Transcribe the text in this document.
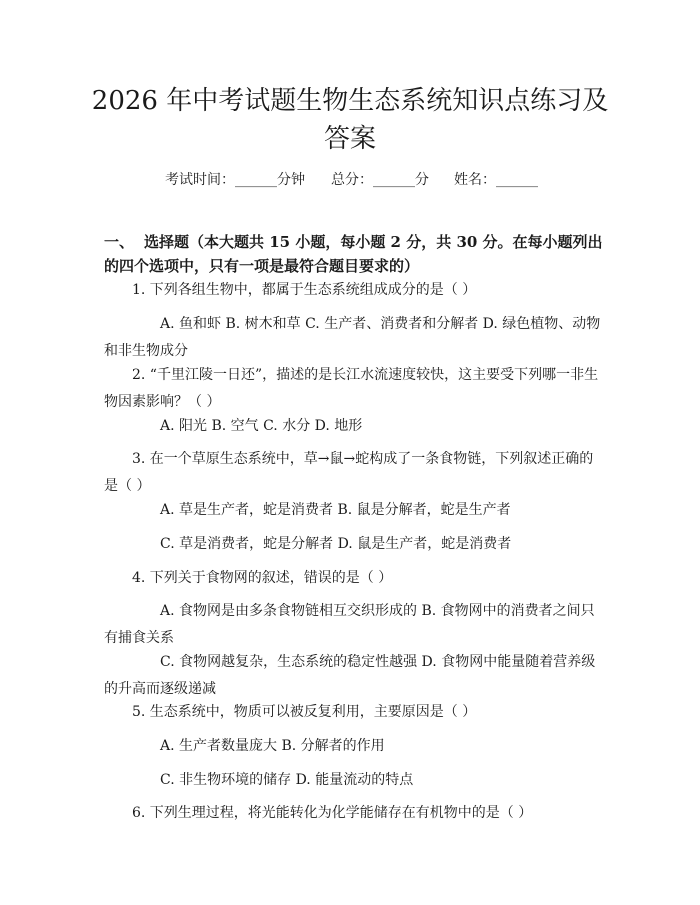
2026 年中考试题生物生态系统知识点练习及
答案
考试时间：______分钟 总分：______分 姓名：______
一、 选择题（本大题共 15 小题，每小题 2 分，共 30 分。在每小题列出的四个选项中，只有一项是最符合题目要求的）
1. 下列各组生物中，都属于生态系统组成成分的是（ ）
A. 鱼和虾 B. 树木和草 C. 生产者、消费者和分解者 D. 绿色植物、动物和非生物成分
2. “千里江陵一日还”，描述的是长江水流速度较快，这主要受下列哪一非生物因素影响？（ ）
A. 阳光 B. 空气 C. 水分 D. 地形
3. 在一个草原生态系统中，草→鼠→蛇构成了一条食物链，下列叙述正确的是（ ）
A. 草是生产者，蛇是消费者 B. 鼠是分解者，蛇是生产者
C. 草是消费者，蛇是分解者 D. 鼠是生产者，蛇是消费者
4. 下列关于食物网的叙述，错误的是（ ）
A. 食物网是由多条食物链相互交织形成的 B. 食物网中的消费者之间只有捕食关系
C. 食物网越复杂，生态系统的稳定性越强 D. 食物网中能量随着营养级的升高而逐级递减
5. 生态系统中，物质可以被反复利用，主要原因是（ ）
A. 生产者数量庞大 B. 分解者的作用
C. 非生物环境的储存 D. 能量流动的特点
6. 下列生理过程，将光能转化为化学能储存在有机物中的是（ ）
